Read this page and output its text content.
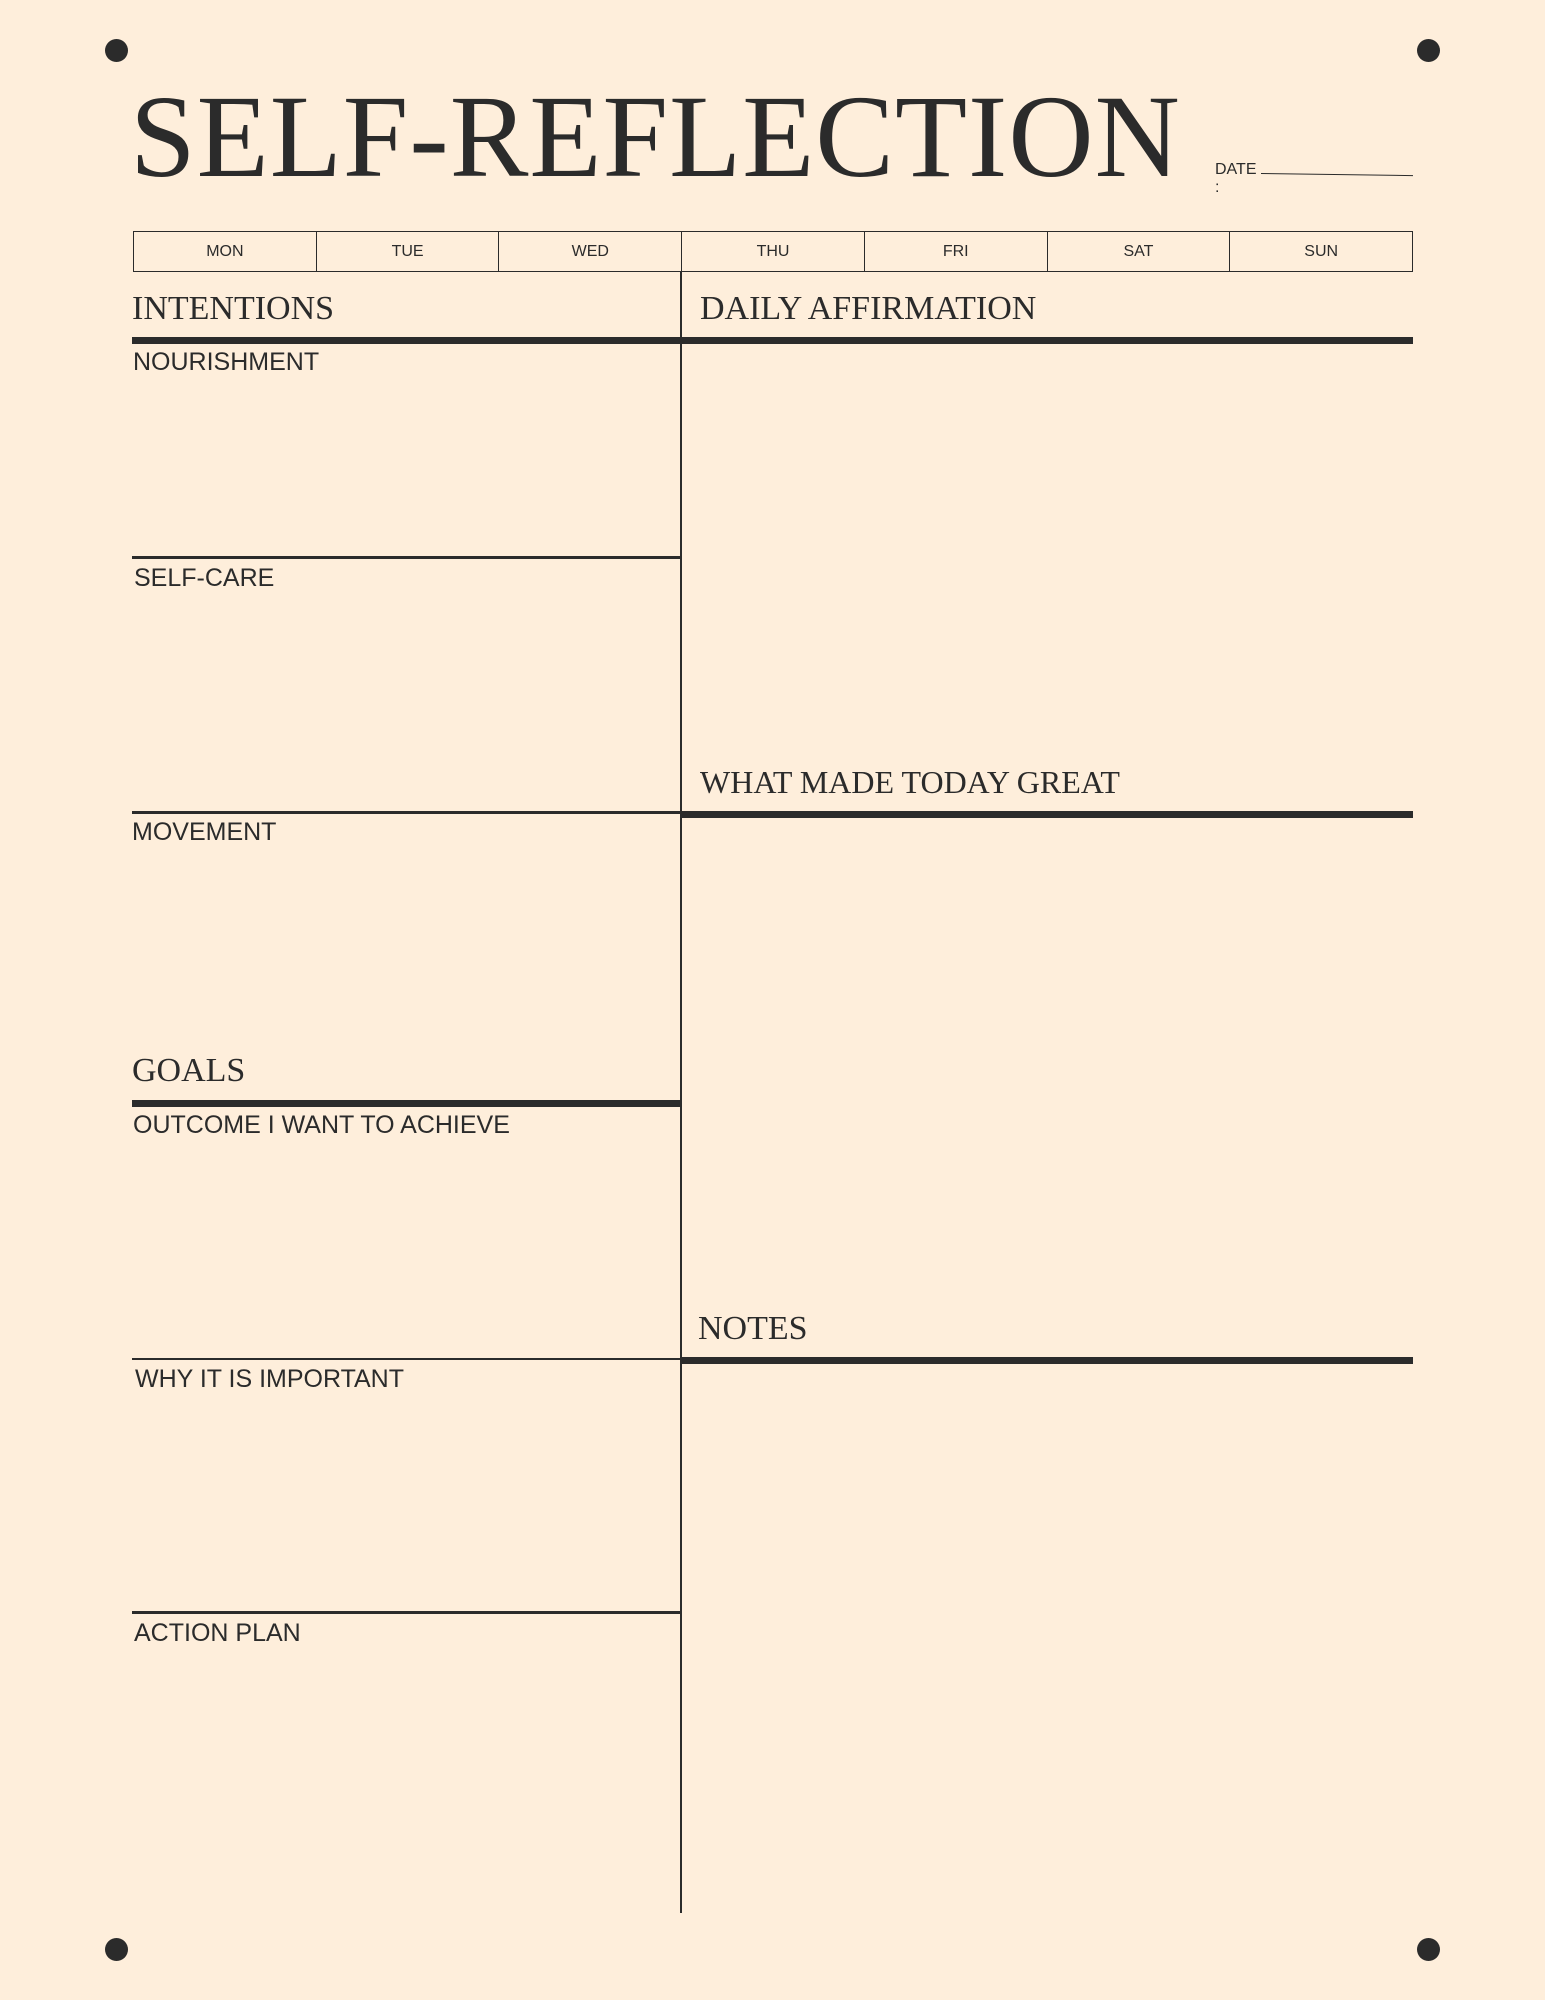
SELF-REFLECTION DATE
:
MON	TUE	WED	THU	FRI	SAT	SUN
INTENTIONS
NOURISHMENT
SELF-CARE
MOVEMENT
GOALS
OUTCOME I WANT TO ACHIEVE
WHY IT IS IMPORTANT
ACTION PLAN
DAILY AFFIRMATION
WHAT MADE TODAY GREAT
NOTES
